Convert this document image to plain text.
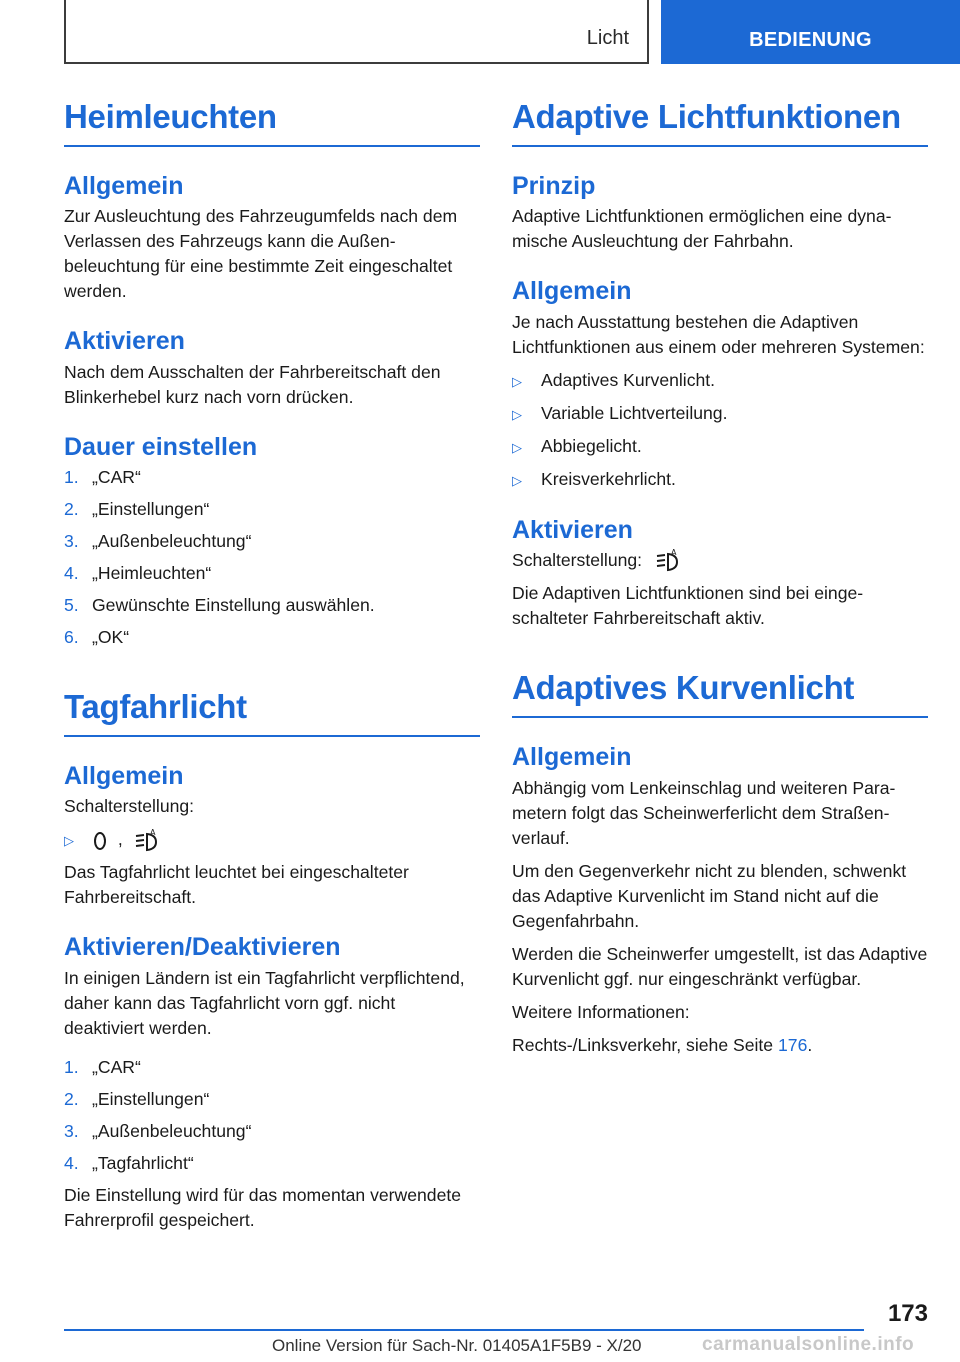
Licht	BEDIENUNG
Heimleuchten
Allgemein
Zur Ausleuchtung des Fahrzeugumfelds nach dem Verlassen des Fahrzeugs kann die Außenbeleuchtung für eine bestimmte Zeit eingeschaltet werden.
Aktivieren
Nach dem Ausschalten der Fahrbereitschaft den Blinkerhebel kurz nach vorn drücken.
Dauer einstellen
1. „CAR“
2. „Einstellungen“
3. „Außenbeleuchtung“
4. „Heimleuchten“
5. Gewünschte Einstellung auswählen.
6. „OK“
Tagfahrlicht
Allgemein
Schalterstellung:
▷	,	A
Das Tagfahrlicht leuchtet bei eingeschalteter Fahrbereitschaft.
Aktivieren/Deaktivieren
In einigen Ländern ist ein Tagfahrlicht verpflichtend, daher kann das Tagfahrlicht vorn ggf. nicht deaktiviert werden.
1. „CAR“
2. „Einstellungen“
3. „Außenbeleuchtung“
4. „Tagfahrlicht“
Die Einstellung wird für das momentan verwendete Fahrerprofil gespeichert.
Adaptive Lichtfunktionen
Prinzip
Adaptive Lichtfunktionen ermöglichen eine dynamische Ausleuchtung der Fahrbahn.
Allgemein
Je nach Ausstattung bestehen die Adaptiven Lichtfunktionen aus einem oder mehreren Systemen:
▷	Adaptives Kurvenlicht.
▷	Variable Lichtverteilung.
▷	Abbiegelicht.
▷	Kreisverkehrlicht.
Aktivieren
Schalterstellung:	A
Die Adaptiven Lichtfunktionen sind bei eingeschalteter Fahrbereitschaft aktiv.
Adaptives Kurvenlicht
Allgemein
Abhängig vom Lenkeinschlag und weiteren Parametern folgt das Scheinwerferlicht dem Straßenverlauf.
Um den Gegenverkehr nicht zu blenden, schwenkt das Adaptive Kurvenlicht im Stand nicht auf die Gegenfahrbahn.
Werden die Scheinwerfer umgestellt, ist das Adaptive Kurvenlicht ggf. nur eingeschränkt verfügbar.
Weitere Informationen:
Rechts-/Linksverkehr, siehe Seite 176.
173
Online Version für Sach-Nr. 01405A1F5B9 - X/20	carmanualsonline.info
